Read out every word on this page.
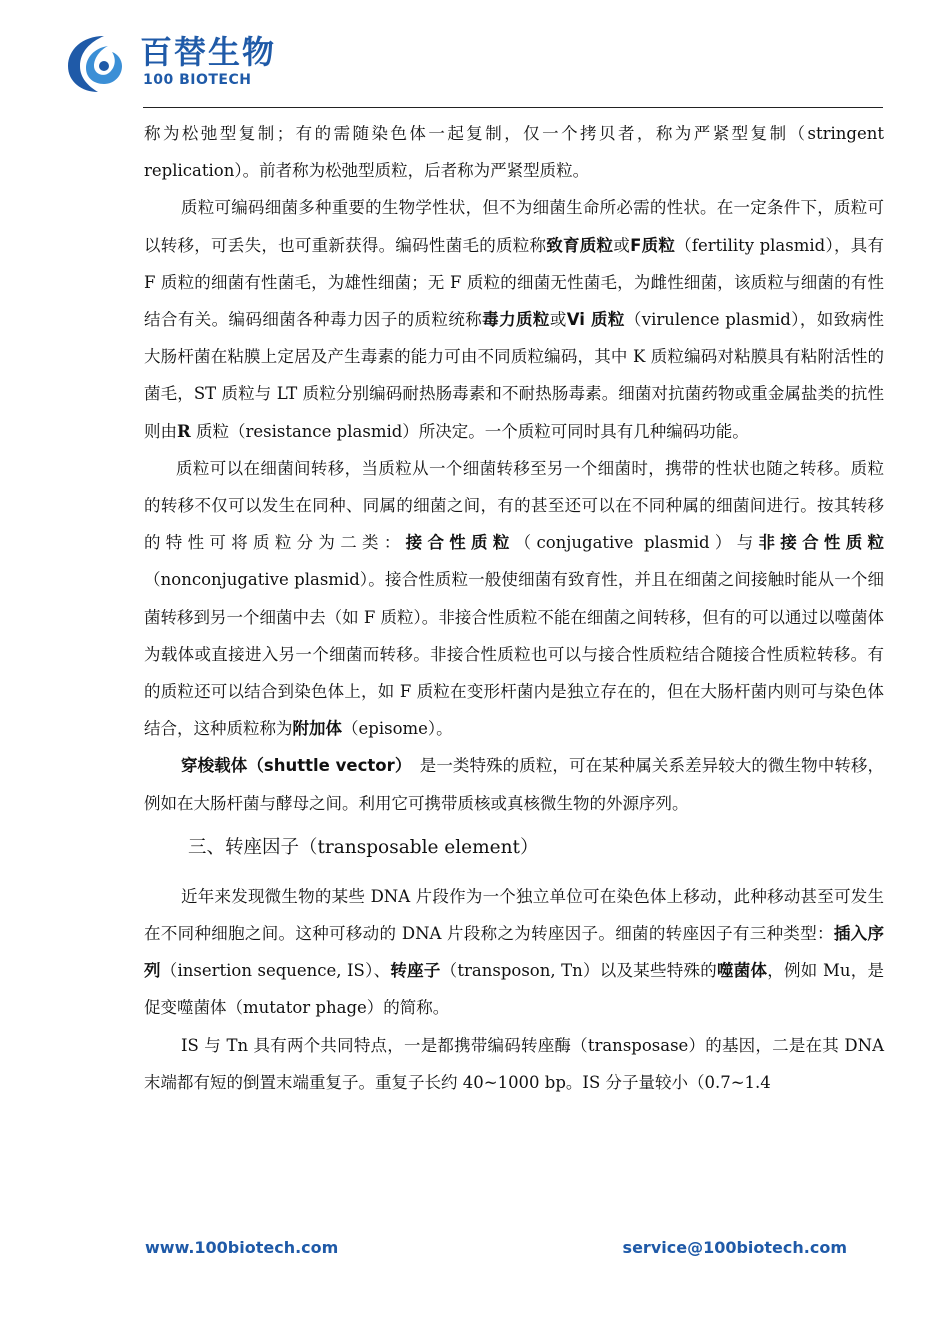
百替生物
100 BIOTECH

称为松弛型复制；有的需随染色体一起复制，仅一个拷贝者，称为严紧型复制（stringent replication）。前者称为松弛型质粒，后者称为严紧型质粒。

质粒可编码细菌多种重要的生物学性状，但不为细菌生命所必需的性状。在一定条件下，质粒可以转移，可丢失，也可重新获得。编码性菌毛的质粒称致育质粒或F质粒（fertility plasmid），具有 F 质粒的细菌有性菌毛，为雄性细菌；无 F 质粒的细菌无性菌毛，为雌性细菌，该质粒与细菌的有性结合有关。编码细菌各种毒力因子的质粒统称毒力质粒或Vi 质粒（virulence plasmid），如致病性大肠杆菌在粘膜上定居及产生毒素的能力可由不同质粒编码，其中 K 质粒编码对粘膜具有粘附活性的菌毛，ST 质粒与 LT 质粒分别编码耐热肠毒素和不耐热肠毒素。细菌对抗菌药物或重金属盐类的抗性则由R 质粒（resistance plasmid）所决定。一个质粒可同时具有几种编码功能。

质粒可以在细菌间转移，当质粒从一个细菌转移至另一个细菌时，携带的性状也随之转移。质粒的转移不仅可以发生在同种、同属的细菌之间，有的甚至还可以在不同种属的细菌间进行。按其转移的特性可将质粒分为二类：接合性质粒（conjugative plasmid）与非接合性质粒（nonconjugative plasmid）。接合性质粒一般使细菌有致育性，并且在细菌之间接触时能从一个细菌转移到另一个细菌中去（如 F 质粒）。非接合性质粒不能在细菌之间转移，但有的可以通过以噬菌体为载体或直接进入另一个细菌而转移。非接合性质粒也可以与接合性质粒结合随接合性质粒转移。有的质粒还可以结合到染色体上，如 F 质粒在变形杆菌内是独立存在的，但在大肠杆菌内则可与染色体结合，这种质粒称为附加体（episome）。

穿梭载体（shuttle vector）　是一类特殊的质粒，可在某种属关系差异较大的微生物中转移，例如在大肠杆菌与酵母之间。利用它可携带质核或真核微生物的外源序列。

三、转座因子（transposable element）

近年来发现微生物的某些 DNA 片段作为一个独立单位可在染色体上移动，此种移动甚至可发生在不同种细胞之间。这种可移动的 DNA 片段称之为转座因子。细菌的转座因子有三种类型：插入序列（insertion sequence, IS）、转座子（transposon, Tn）以及某些特殊的噬菌体，例如 Mu，是促变噬菌体（mutator phage）的简称。

IS 与 Tn 具有两个共同特点，一是都携带编码转座酶（transposase）的基因，二是在其 DNA 末端都有短的倒置末端重复子。重复子长约 40~1000 bp。IS 分子量较小（0.7~1.4

www.100biotech.com	service@100biotech.com
